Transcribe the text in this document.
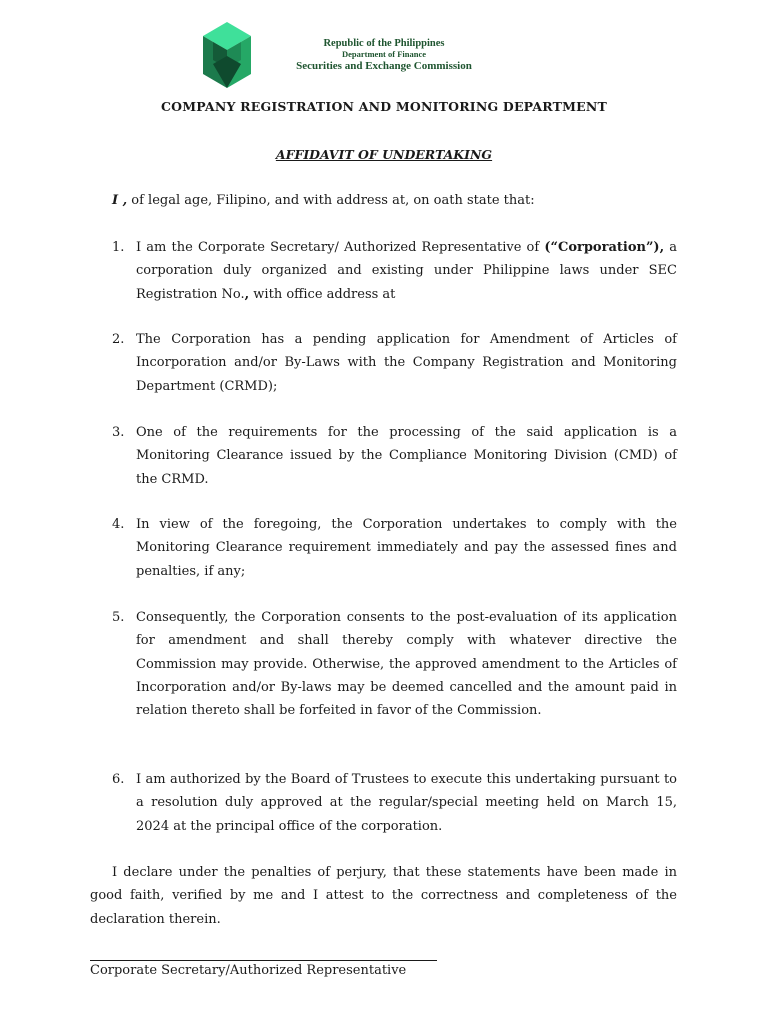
Republic of the Philippines
Department of Finance
Securities and Exchange Commission
COMPANY REGISTRATION AND MONITORING DEPARTMENT
AFFIDAVIT OF UNDERTAKING
I , of legal age, Filipino, and with address at, on oath state that:
1. I am the Corporate Secretary/ Authorized Representative of (“Corporation”), a corporation duly organized and existing under Philippine laws under SEC Registration No., with office address at
2. The Corporation has a pending application for Amendment of Articles of Incorporation and/or By-Laws with the Company Registration and Monitoring Department (CRMD);
3. One of the requirements for the processing of the said application is a Monitoring Clearance issued by the Compliance Monitoring Division (CMD) of the CRMD.
4. In view of the foregoing, the Corporation undertakes to comply with the Monitoring Clearance requirement immediately and pay the assessed fines and penalties, if any;
5. Consequently, the Corporation consents to the post-evaluation of its application for amendment and shall thereby comply with whatever directive the Commission may provide. Otherwise, the approved amendment to the Articles of Incorporation and/or By-laws may be deemed cancelled and the amount paid in relation thereto shall be forfeited in favor of the Commission.
6. I am authorized by the Board of Trustees to execute this undertaking pursuant to a resolution duly approved at the regular/special meeting held on March 15, 2024 at the principal office of the corporation.
I declare under the penalties of perjury, that these statements have been made in good faith, verified by me and I attest to the correctness and completeness of the declaration therein.
Corporate Secretary/Authorized Representative
